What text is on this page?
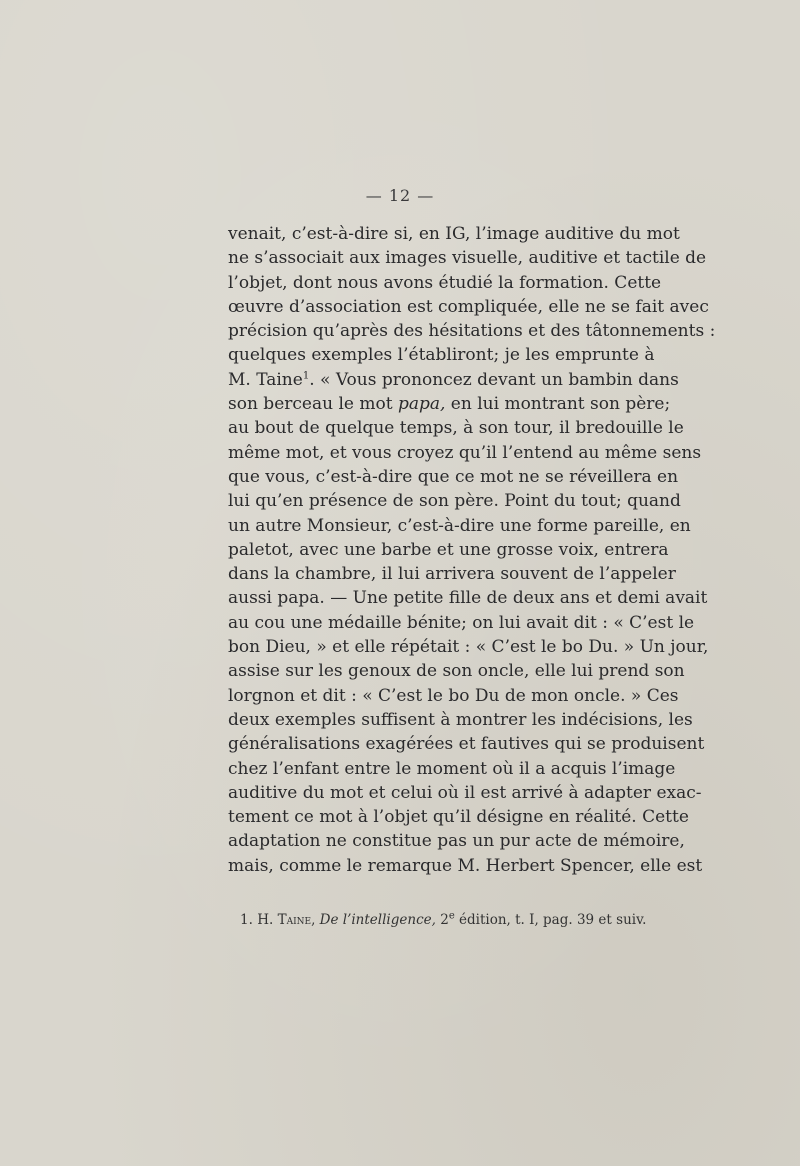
— 12 —
venait, c’est-à-dire si, en IG, l’image auditive du mot
ne s’associait aux images visuelle, auditive et tactile de
l’objet, dont nous avons étudié la formation. Cette
œuvre d’association est compliquée, elle ne se fait avec
précision qu’après des hésitations et des tâtonnements :
quelques exemples l’établiront; je les emprunte à
M. Taine$^1$. « Vous prononcez devant un bambin dans
son berceau le mot papa, en lui montrant son père;
au bout de quelque temps, à son tour, il bredouille le
même mot, et vous croyez qu’il l’entend au même sens
que vous, c’est-à-dire que ce mot ne se réveillera en
lui qu’en présence de son père. Point du tout; quand
un autre Monsieur, c’est-à-dire une forme pareille, en
paletot, avec une barbe et une grosse voix, entrera
dans la chambre, il lui arrivera souvent de l’appeler
aussi papa. — Une petite fille de deux ans et demi avait
au cou une médaille bénite; on lui avait dit : « C’est le
bon Dieu, » et elle répétait : « C’est le bo Du. » Un jour,
assise sur les genoux de son oncle, elle lui prend son
lorgnon et dit : « C’est le bo Du de mon oncle. » Ces
deux exemples suffisent à montrer les indécisions, les
généralisations exagérées et fautives qui se produisent
chez l’enfant entre le moment où il a acquis l’image
auditive du mot et celui où il est arrivé à adapter exac-
tement ce mot à l’objet qu’il désigne en réalité. Cette
adaptation ne constitue pas un pur acte de mémoire,
mais, comme le remarque M. Herbert Spencer, elle est
1. H. Taine, De l’intelligence, 2e édition, t. I, pag. 39 et suiv.
